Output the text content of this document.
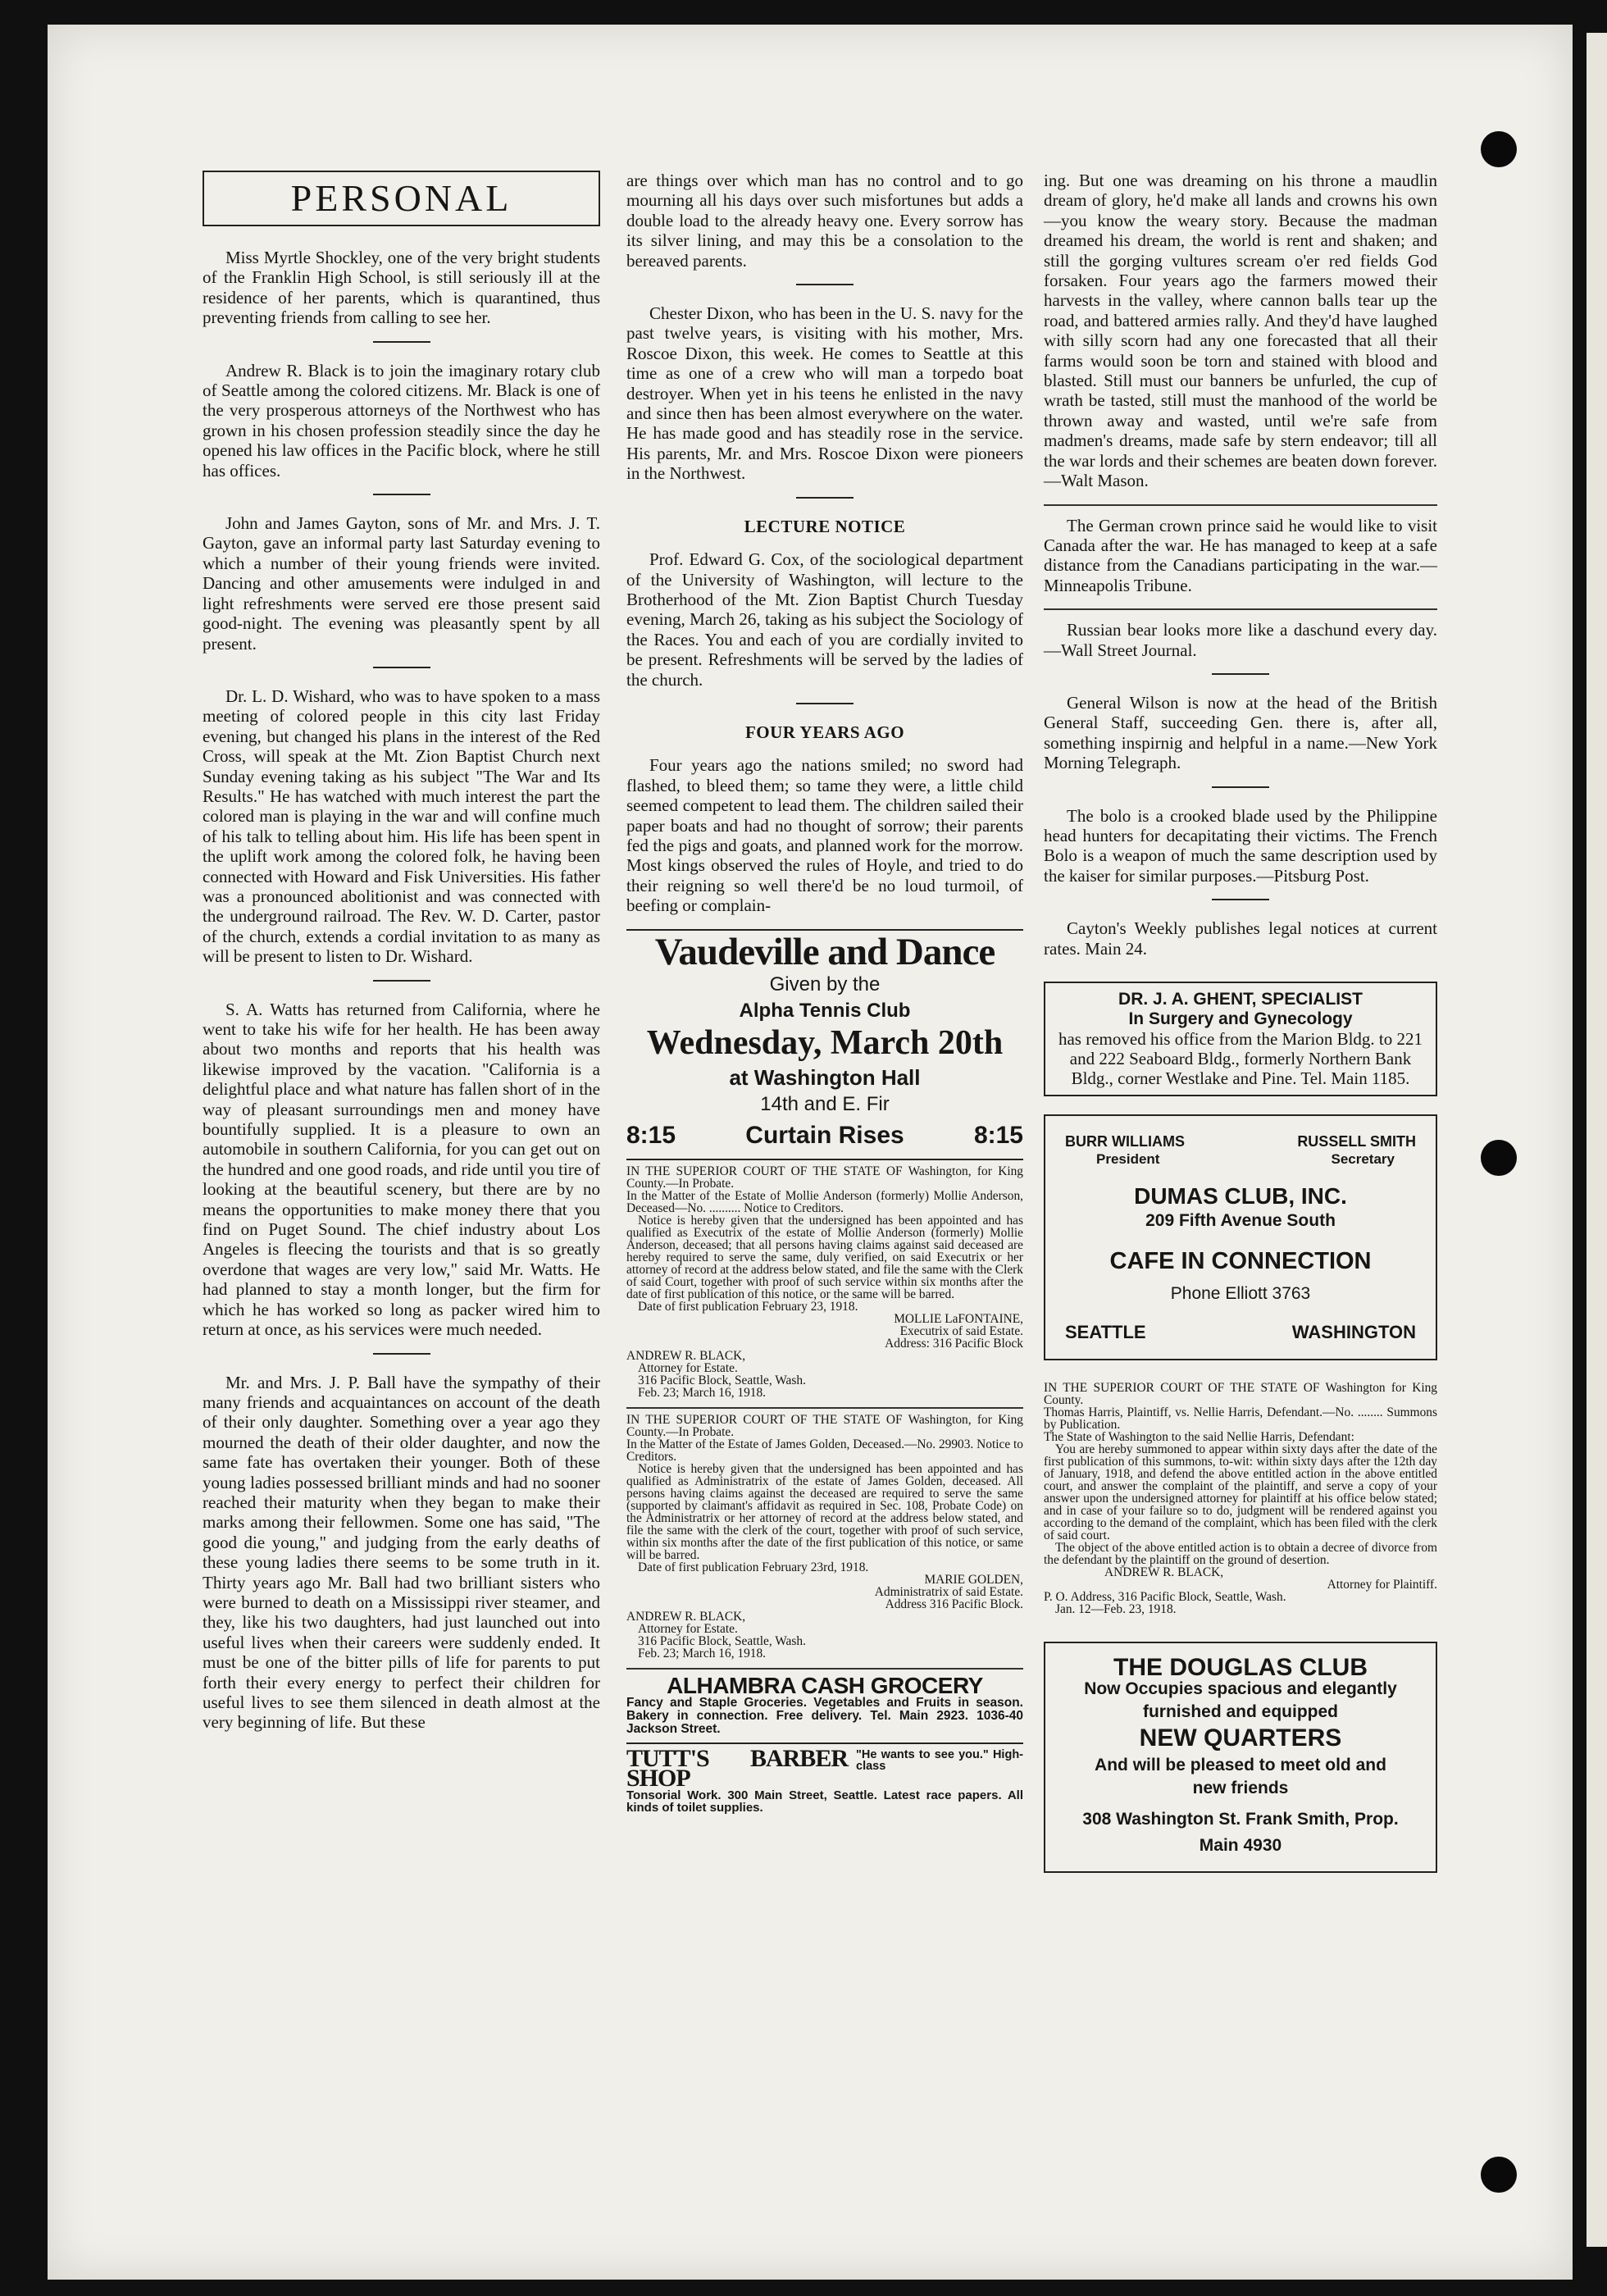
PERSONAL

Miss Myrtle Shockley, one of the very bright students of the Franklin High School, is still seriously ill at the residence of her parents, which is quarantined, thus preventing friends from calling to see her.

Andrew R. Black is to join the imaginary rotary club of Seattle among the colored citizens. Mr. Black is one of the very prosperous attorneys of the Northwest who has grown in his chosen profession steadily since the day he opened his law offices in the Pacific block, where he still has offices.

John and James Gayton, sons of Mr. and Mrs. J. T. Gayton, gave an informal party last Saturday evening to which a number of their young friends were invited. Dancing and other amusements were indulged in and light refreshments were served ere those present said good-night. The evening was pleasantly spent by all present.

Dr. L. D. Wishard, who was to have spoken to a mass meeting of colored people in this city last Friday evening, but changed his plans in the interest of the Red Cross, will speak at the Mt. Zion Baptist Church next Sunday evening taking as his subject "The War and Its Results." He has watched with much interest the part the colored man is playing in the war and will confine much of his talk to telling about him. His life has been spent in the uplift work among the colored folk, he having been connected with Howard and Fisk Universities. His father was a pronounced abolitionist and was connected with the underground railroad. The Rev. W. D. Carter, pastor of the church, extends a cordial invitation to as many as will be present to listen to Dr. Wishard.

S. A. Watts has returned from California, where he went to take his wife for her health. He has been away about two months and reports that his health was likewise improved by the vacation. "California is a delightful place and what nature has fallen short of in the way of pleasant surroundings men and money have bountifully supplied. It is a pleasure to own an automobile in southern California, for you can get out on the hundred and one good roads, and ride until you tire of looking at the beautiful scenery, but there are by no means the opportunities to make money there that you find on Puget Sound. The chief industry about Los Angeles is fleecing the tourists and that is so greatly overdone that wages are very low," said Mr. Watts. He had planned to stay a month longer, but the firm for which he has worked so long as packer wired him to return at once, as his services were much needed.

Mr. and Mrs. J. P. Ball have the sympathy of their many friends and acquaintances on account of the death of their only daughter. Something over a year ago they mourned the death of their older daughter, and now the same fate has overtaken their younger. Both of these young ladies possessed brilliant minds and had no sooner reached their maturity when they began to make their marks among their fellowmen. Some one has said, "The good die young," and judging from the early deaths of these young ladies there seems to be some truth in it. Thirty years ago Mr. Ball had two brilliant sisters who were burned to death on a Mississippi river steamer, and they, like his two daughters, had just launched out into useful lives when their careers were suddenly ended. It must be one of the bitter pills of life for parents to put forth their every energy to perfect their children for useful lives to see them silenced in death almost at the very beginning of life. But these

are things over which man has no control and to go mourning all his days over such misfortunes but adds a double load to the already heavy one. Every sorrow has its silver lining, and may this be a consolation to the bereaved parents.

Chester Dixon, who has been in the U. S. navy for the past twelve years, is visiting with his mother, Mrs. Roscoe Dixon, this week. He comes to Seattle at this time as one of a crew who will man a torpedo boat destroyer. When yet in his teens he enlisted in the navy and since then has been almost everywhere on the water. He has made good and has steadily rose in the service. His parents, Mr. and Mrs. Roscoe Dixon were pioneers in the Northwest.

LECTURE NOTICE

Prof. Edward G. Cox, of the sociological department of the University of Washington, will lecture to the Brotherhood of the Mt. Zion Baptist Church Tuesday evening, March 26, taking as his subject the Sociology of the Races. You and each of you are cordially invited to be present. Refreshments will be served by the ladies of the church.

FOUR YEARS AGO

Four years ago the nations smiled; no sword had flashed, to bleed them; so tame they were, a little child seemed competent to lead them. The children sailed their paper boats and had no thought of sorrow; their parents fed the pigs and goats, and planned work for the morrow. Most kings observed the rules of Hoyle, and tried to do their reigning so well there'd be no loud turmoil, of beefing or complain-

Vaudeville and Dance
Given by the
Alpha Tennis Club
Wednesday, March 20th
at Washington Hall
14th and E. Fir
8:15	Curtain Rises	8:15

IN THE SUPERIOR COURT OF THE STATE OF Washington, for King County.—In Probate.

In the Matter of the Estate of Mollie Anderson (formerly) Mollie Anderson, Deceased—No. .......... Notice to Creditors.

Notice is hereby given that the undersigned has been appointed and has qualified as Executrix of the estate of Mollie Anderson (formerly) Mollie Anderson, deceased; that all persons having claims against said deceased are hereby required to serve the same, duly verified, on said Executrix or her attorney of record at the address below stated, and file the same with the Clerk of said Court, together with proof of such service within six months after the date of first publication of this notice, or the same will be barred.

Date of first publication February 23, 1918.

MOLLIE LaFONTAINE,

Executrix of said Estate.

Address: 316 Pacific Block

ANDREW R. BLACK,

Attorney for Estate.

316 Pacific Block, Seattle, Wash.

Feb. 23; March 16, 1918.

IN THE SUPERIOR COURT OF THE STATE OF Washington, for King County.—In Probate.

In the Matter of the Estate of James Golden, Deceased.—No. 29903. Notice to Creditors.

Notice is hereby given that the undersigned has been appointed and has qualified as Administratrix of the estate of James Golden, deceased. All persons having claims against the deceased are required to serve the same (supported by claimant's affidavit as required in Sec. 108, Probate Code) on the Administratrix or her attorney of record at the address below stated, and file the same with the clerk of the court, together with proof of such service, within six months after the date of the first publication of this notice, or same will be barred.

Date of first publication February 23rd, 1918.

MARIE GOLDEN,

Administratrix of said Estate.

Address 316 Pacific Block.

ANDREW R. BLACK,

Attorney for Estate.

316 Pacific Block, Seattle, Wash.

Feb. 23; March 16, 1918.

ALHAMBRA CASH GROCERY
Fancy and Staple Groceries. Vegetables and Fruits in season. Bakery in connection. Free delivery. Tel. Main 2923. 1036-40 Jackson Street.
TUTT'S BARBER SHOP
"He wants to see you." High-class
Tonsorial Work. 300 Main Street, Seattle. Latest race papers. All kinds of toilet supplies.

ing. But one was dreaming on his throne a maudlin dream of glory, he'd make all lands and crowns his own—you know the weary story. Because the madman dreamed his dream, the world is rent and shaken; and still the gorging vultures scream o'er red fields God forsaken. Four years ago the farmers mowed their harvests in the valley, where cannon balls tear up the road, and battered armies rally. And they'd have laughed with silly scorn had any one forecasted that all their farms would soon be torn and stained with blood and blasted. Still must our banners be unfurled, the cup of wrath be tasted, still must the manhood of the world be thrown away and wasted, until we're safe from madmen's dreams, made safe by stern endeavor; till all the war lords and their schemes are beaten down forever.—Walt Mason.

The German crown prince said he would like to visit Canada after the war. He has managed to keep at a safe distance from the Canadians participating in the war.—Minneapolis Tribune.

Russian bear looks more like a daschund every day.—Wall Street Journal.

General Wilson is now at the head of the British General Staff, succeeding Gen. there is, after all, something inspirnig and helpful in a name.—New York Morning Telegraph.

The bolo is a crooked blade used by the Philippine head hunters for decapitating their victims. The French Bolo is a weapon of much the same description used by the kaiser for similar purposes.—Pitsburg Post.

Cayton's Weekly publishes legal notices at current rates. Main 24.

DR. J. A. GHENT, SPECIALIST
In Surgery and Gynecology
has removed his office from the Marion Bldg. to 221 and 222 Seaboard Bldg., formerly Northern Bank Bldg., corner Westlake and Pine. Tel. Main 1185.
BURR WILLIAMS	RUSSELL SMITH
President	Secretary
DUMAS CLUB, INC.
209 Fifth Avenue South
CAFE IN CONNECTION
Phone Elliott 3763
SEATTLE	WASHINGTON

IN THE SUPERIOR COURT OF THE STATE OF Washington for King County.

Thomas Harris, Plaintiff, vs. Nellie Harris, Defendant.—No. ........ Summons by Publication.

The State of Washington to the said Nellie Harris, Defendant:

You are hereby summoned to appear within sixty days after the date of the first publication of this summons, to-wit: within sixty days after the 12th day of January, 1918, and defend the above entitled action in the above entitled court, and answer the complaint of the plaintiff, and serve a copy of your answer upon the undersigned attorney for plaintiff at his office below stated; and in case of your failure so to do, judgment will be rendered against you according to the demand of the complaint, which has been filed with the clerk of said court.

The object of the above entitled action is to obtain a decree of divorce from the defendant by the plaintiff on the ground of desertion.

ANDREW R. BLACK,

Attorney for Plaintiff.

P. O. Address, 316 Pacific Block, Seattle, Wash.

Jan. 12—Feb. 23, 1918.

THE DOUGLAS CLUB
Now Occupies spacious and elegantly
furnished and equipped
NEW QUARTERS
And will be pleased to meet old and
new friends
308 Washington St. Frank Smith, Prop.
Main 4930
